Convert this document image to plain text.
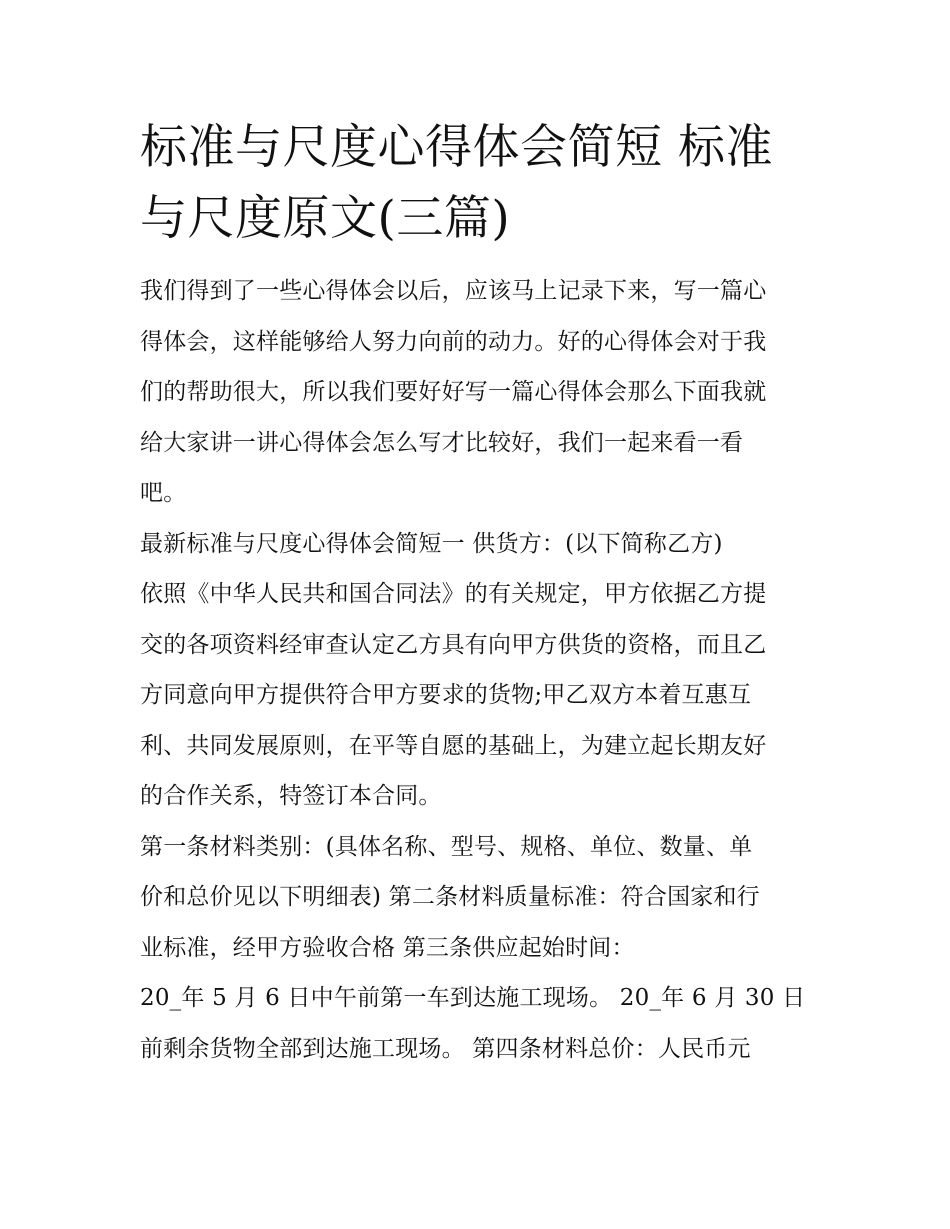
标准与尺度心得体会简短 标准
与尺度原文(三篇)
我们得到了一些心得体会以后，应该马上记录下来，写一篇心
得体会，这样能够给人努力向前的动力。好的心得体会对于我
们的帮助很大，所以我们要好好写一篇心得体会那么下面我就
给大家讲一讲心得体会怎么写才比较好，我们一起来看一看
吧。
最新标准与尺度心得体会简短一 供货方：(以下简称乙方)
依照《中华人民共和国合同法》的有关规定，甲方依据乙方提
交的各项资料经审查认定乙方具有向甲方供货的资格，而且乙
方同意向甲方提供符合甲方要求的货物;甲乙双方本着互惠互
利、共同发展原则，在平等自愿的基础上，为建立起长期友好
的合作关系，特签订本合同。
第一条材料类别：(具体名称、型号、规格、单位、数量、单
价和总价见以下明细表) 第二条材料质量标准：符合国家和行
业标准，经甲方验收合格 第三条供应起始时间：
20_年 5 月 6 日中午前第一车到达施工现场。 20_年 6 月 30 日
前剩余货物全部到达施工现场。 第四条材料总价：人民币元
